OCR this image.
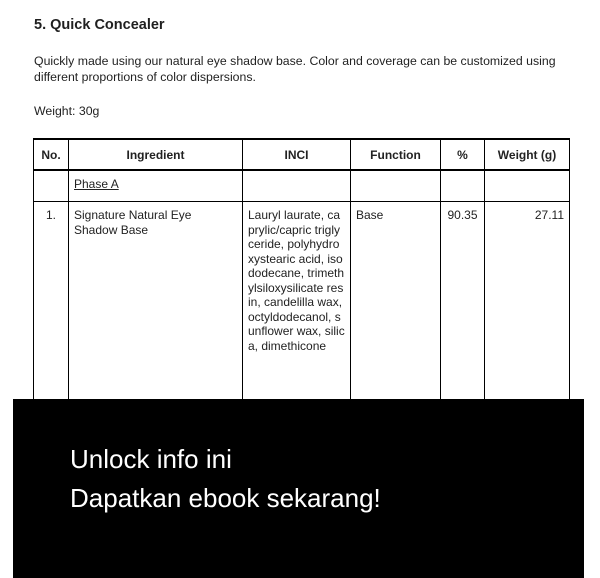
5. Quick Concealer
Quickly made using our natural eye shadow base. Color and coverage can be customized using different proportions of color dispersions.
Weight: 30g
No.	Ingredient	INCI	Function	%	Weight (g)
	Phase A				
1.	Signature Natural Eye Shadow Base	Lauryl laurate, caprylic/capric triglyceride, polyhydroxystearic acid, isododecane, trimethylsiloxysilicate resin, candelilla wax, octyldodecanol, sunflower wax, silica, dimethicone	Base	90.35	27.11
Unlock info ini
Dapatkan ebook sekarang!
